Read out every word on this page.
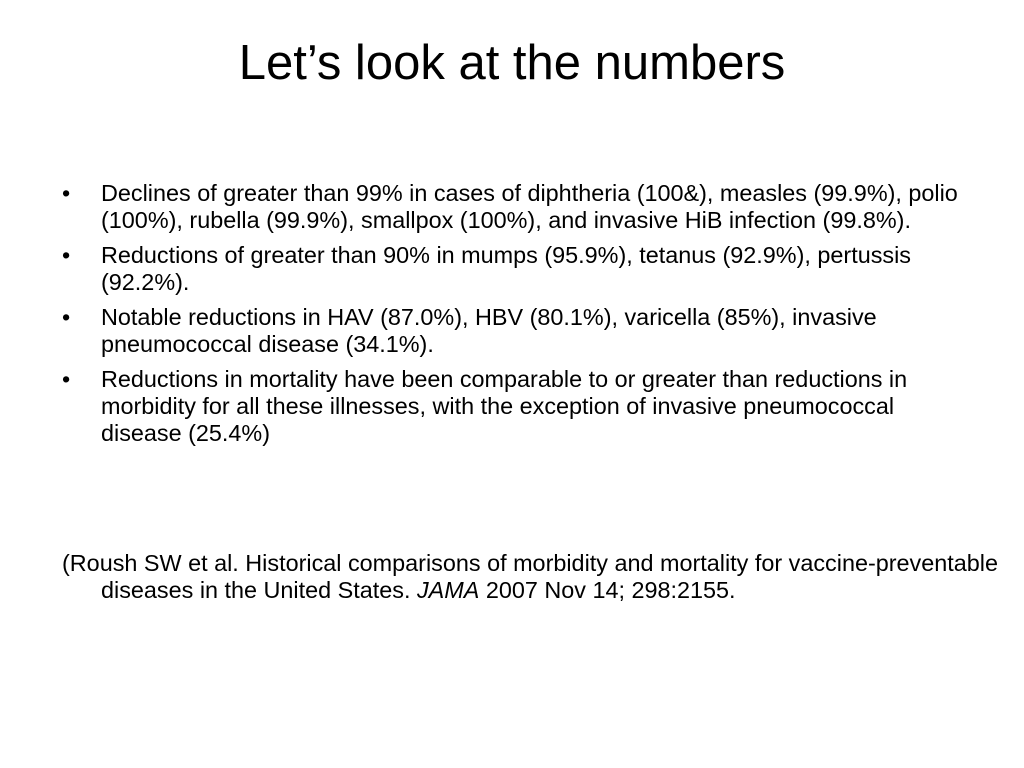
Let’s look at the numbers
• Declines of greater than 99% in cases of diphtheria (100&), measles (99.9%), polio (100%), rubella (99.9%), smallpox (100%), and invasive HiB infection (99.8%).
• Reductions of greater than 90% in mumps (95.9%), tetanus (92.9%), pertussis (92.2%).
• Notable reductions in HAV (87.0%), HBV (80.1%), varicella (85%), invasive pneumococcal disease (34.1%).
• Reductions in mortality have been comparable to or greater than reductions in morbidity for all these illnesses, with the exception of invasive pneumococcal disease (25.4%)

(Roush SW et al. Historical comparisons of morbidity and mortality for vaccine-preventable diseases in the United States. JAMA 2007 Nov 14; 298:2155.
